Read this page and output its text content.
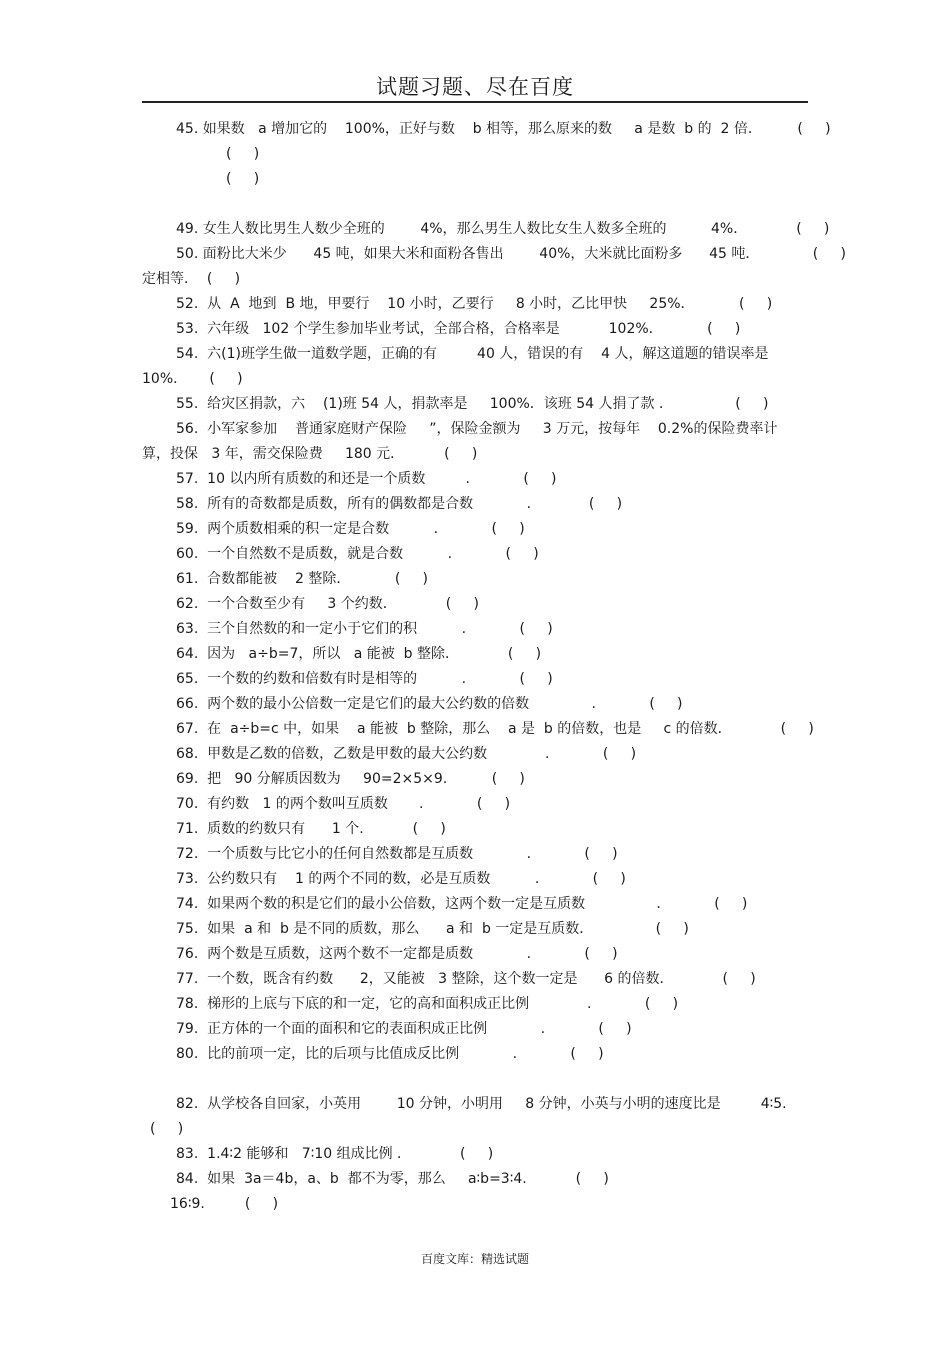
试题习题、尽在百度
45. 如果数   a 增加它的    100%，正好与数    b 相等，那么原来的数     a 是数  b 的  2 倍．        (     )
(     )
(     )
49. 女生人数比男生人数少全班的        4%，那么男生人数比女生人数多全班的          4%．           (     )
50. 面粉比大米少      45 吨，如果大米和面粉各售出        40%，大米就比面粉多      45 吨．            (     )
定相等．  (     )
52.  从  A  地到  B 地，甲要行    10 小时，乙要行     8 小时，乙比甲快     25%．          (     )
53.  六年级   102 个学生参加毕业考试，全部合格，合格率是           102%．          (     )
54.  六(1)班学生做一道数学题，正确的有         40 人，错误的有    4 人，解这道题的错误率是
10%．     (     )
55.  给灾区捐款，六    (1)班 54 人，捐款率是     100%．该班 54 人捐了款 ．              (     )
56.  小军家参加    普通家庭财产保险     ”，保险金额为     3 万元，按每年    0.2%的保险费率计
算，投保   3 年，需交保险费     180 元．         (     )
57.  10 以内所有质数的和还是一个质数         .            (     )
58.  所有的奇数都是质数，所有的偶数都是合数            .             (     )
59.  两个质数相乘的积一定是合数          .            (     )
60.  一个自然数不是质数，就是合数          .            (     )
61.  合数都能被    2 整除．          (     )
62.  一个合数至少有     3 个约数．           (     )
63.  三个自然数的和一定小于它们的积          .            (     )
64.  因为   a÷b=7，所以   a 能被  b 整除．           (     )
65.  一个数的约数和倍数有时是相等的          .            (     )
66.  两个数的最小公倍数一定是它们的最大公约数的倍数              .            (     )
67.  在  a÷b=c 中，如果    a 能被  b 整除，那么    a 是  b 的倍数，也是     c 的倍数．           (     )
68.  甲数是乙数的倍数，乙数是甲数的最大公约数             .            (     )
69.  把   90 分解质因数为     90=2×5×9.          (     )
70.  有约数   1 的两个数叫互质数       .            (     )
71.  质数的约数只有      1 个.           (     )
72.  一个质数与比它小的任何自然数都是互质数            .            (     )
73.  公约数只有    1 的两个不同的数，必是互质数          .            (     )
74.  如果两个数的积是它们的最小公倍数，这两个数一定是互质数                .            (     )
75.  如果  a 和  b 是不同的质数，那么      a 和  b 一定是互质数．              (     )
76.  两个数是互质数，这两个数不一定都是质数            .            (     )
77.  一个数，既含有约数      2，又能被   3 整除，这个数一定是      6 的倍数．           (     )
78.  梯形的上底与下底的和一定，它的高和面积成正比例             .            (     )
79.  正方体的一个面的面积和它的表面积成正比例            .            (     )
80.  比的前项一定，比的后项与比值成反比例            .            (     )
82.  从学校各自回家，小英用        10 分钟，小明用     8 分钟，小英与小明的速度比是         4∶5.
(     )
83.  1.4∶2 能够和   7∶10 组成比例 ．           (     )
84.  如果  3a＝4b，a、b  都不为零，那么     a∶b=3∶4.           (     )
16∶9.         (     )
百度文库：精选试题
